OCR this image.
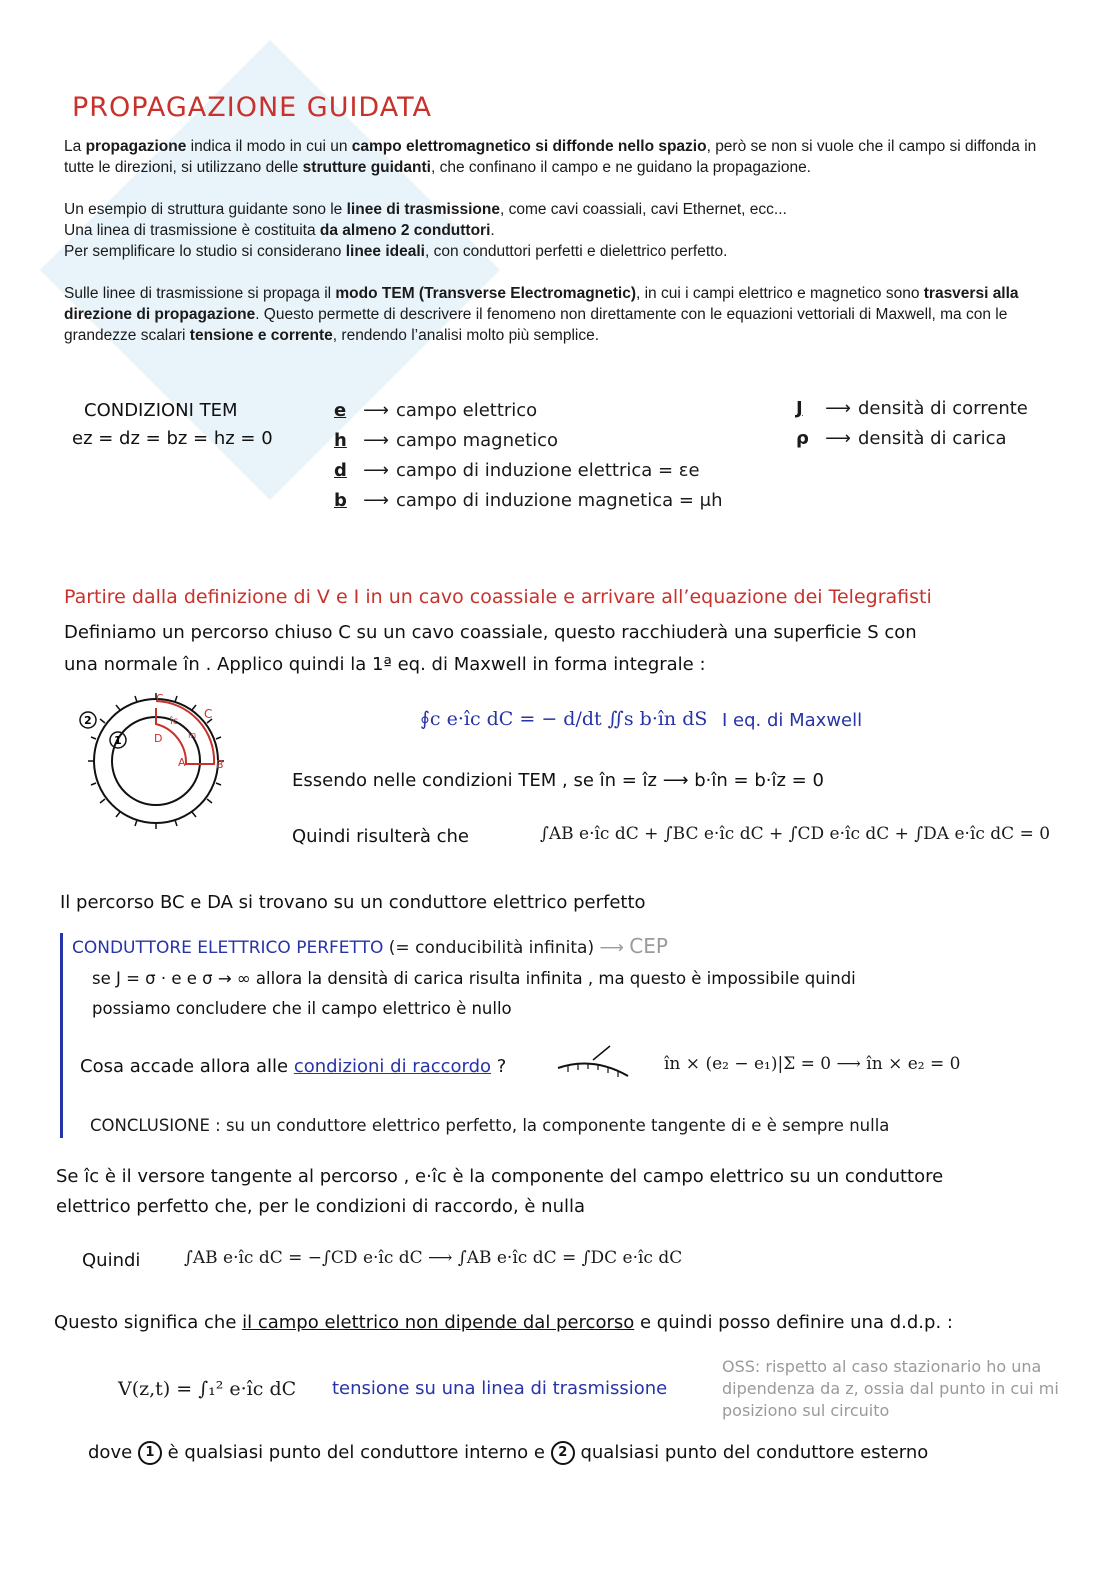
PROPAGAZIONE GUIDATA

La propagazione indica il modo in cui un campo elettromagnetico si diffonde nello spazio, però se non si vuole che il campo si diffonda in tutte le direzioni, si utilizzano delle strutture guidanti, che confinano il campo e ne guidano la propagazione.

Un esempio di struttura guidante sono le linee di trasmissione, come cavi coassiali, cavi Ethernet, ecc...
Una linea di trasmissione è costituita da almeno 2 conduttori.
Per semplificare lo studio si considerano linee ideali, con conduttori perfetti e dielettrico perfetto.

Sulle linee di trasmissione si propaga il modo TEM (Transverse Electromagnetic), in cui i campi elettrico e magnetico sono trasversi alla direzione di propagazione. Questo permette di descrivere il fenomeno non direttamente con le equazioni vettoriali di Maxwell, ma con le grandezze scalari tensione e corrente, rendendo l’analisi molto più semplice.

CONDIZIONI TEM
ez = dz = bz = hz = 0
e ⟶ campo elettrico
h ⟶ campo magnetico
d ⟶ campo di induzione elettrica = εe
b ⟶ campo di induzione magnetica = μh
J ⟶ densità di corrente
ρ ⟶ densità di carica
Partire dalla definizione di V e I in un cavo coassiale e arrivare all’equazione dei Telegrafisti
Definiamo un percorso chiuso C su un cavo coassiale, questo racchiuderà una superficie S con
una normale în . Applico quindi la 1ª eq. di Maxwell in forma integrale :
C
D
A	B
C
îc
în
2
1
∮c e·îc dC = − d/dt ∬s b·în dS I eq. di Maxwell
Essendo nelle condizioni TEM , se în = îz ⟶ b·în = b·îz = 0
Quindi risulterà che	∫AB e·îc dC + ∫BC e·îc dC + ∫CD e·îc dC + ∫DA e·îc dC = 0
Il percorso BC e DA si trovano su un conduttore elettrico perfetto
CONDUTTORE ELETTRICO PERFETTO (= conducibilità infinita) ⟶ CEP
se J = σ · e e σ → ∞ allora la densità di carica risulta infinita , ma questo è impossibile quindi
possiamo concludere che il campo elettrico è nullo
Cosa accade allora alle condizioni di raccordo ?	în × (e₂ − e₁)|Σ = 0 ⟶ în × e₂ = 0
CONCLUSIONE : su un conduttore elettrico perfetto, la componente tangente di e è sempre nulla
Se îc è il versore tangente al percorso , e·îc è la componente del campo elettrico su un conduttore
elettrico perfetto che, per le condizioni di raccordo, è nulla
Quindi	∫AB e·îc dC = −∫CD e·îc dC ⟶ ∫AB e·îc dC = ∫DC e·îc dC
Questo significa che il campo elettrico non dipende dal percorso e quindi posso definire una d.d.p. :
V(z,t) = ∫₁² e·îc dC tensione su una linea di trasmissione
OSS: rispetto al caso stazionario ho una dipendenza da z, ossia dal punto in cui mi posiziono sul circuito
dove 1 è qualsiasi punto del conduttore interno e 2 qualsiasi punto del conduttore esterno
